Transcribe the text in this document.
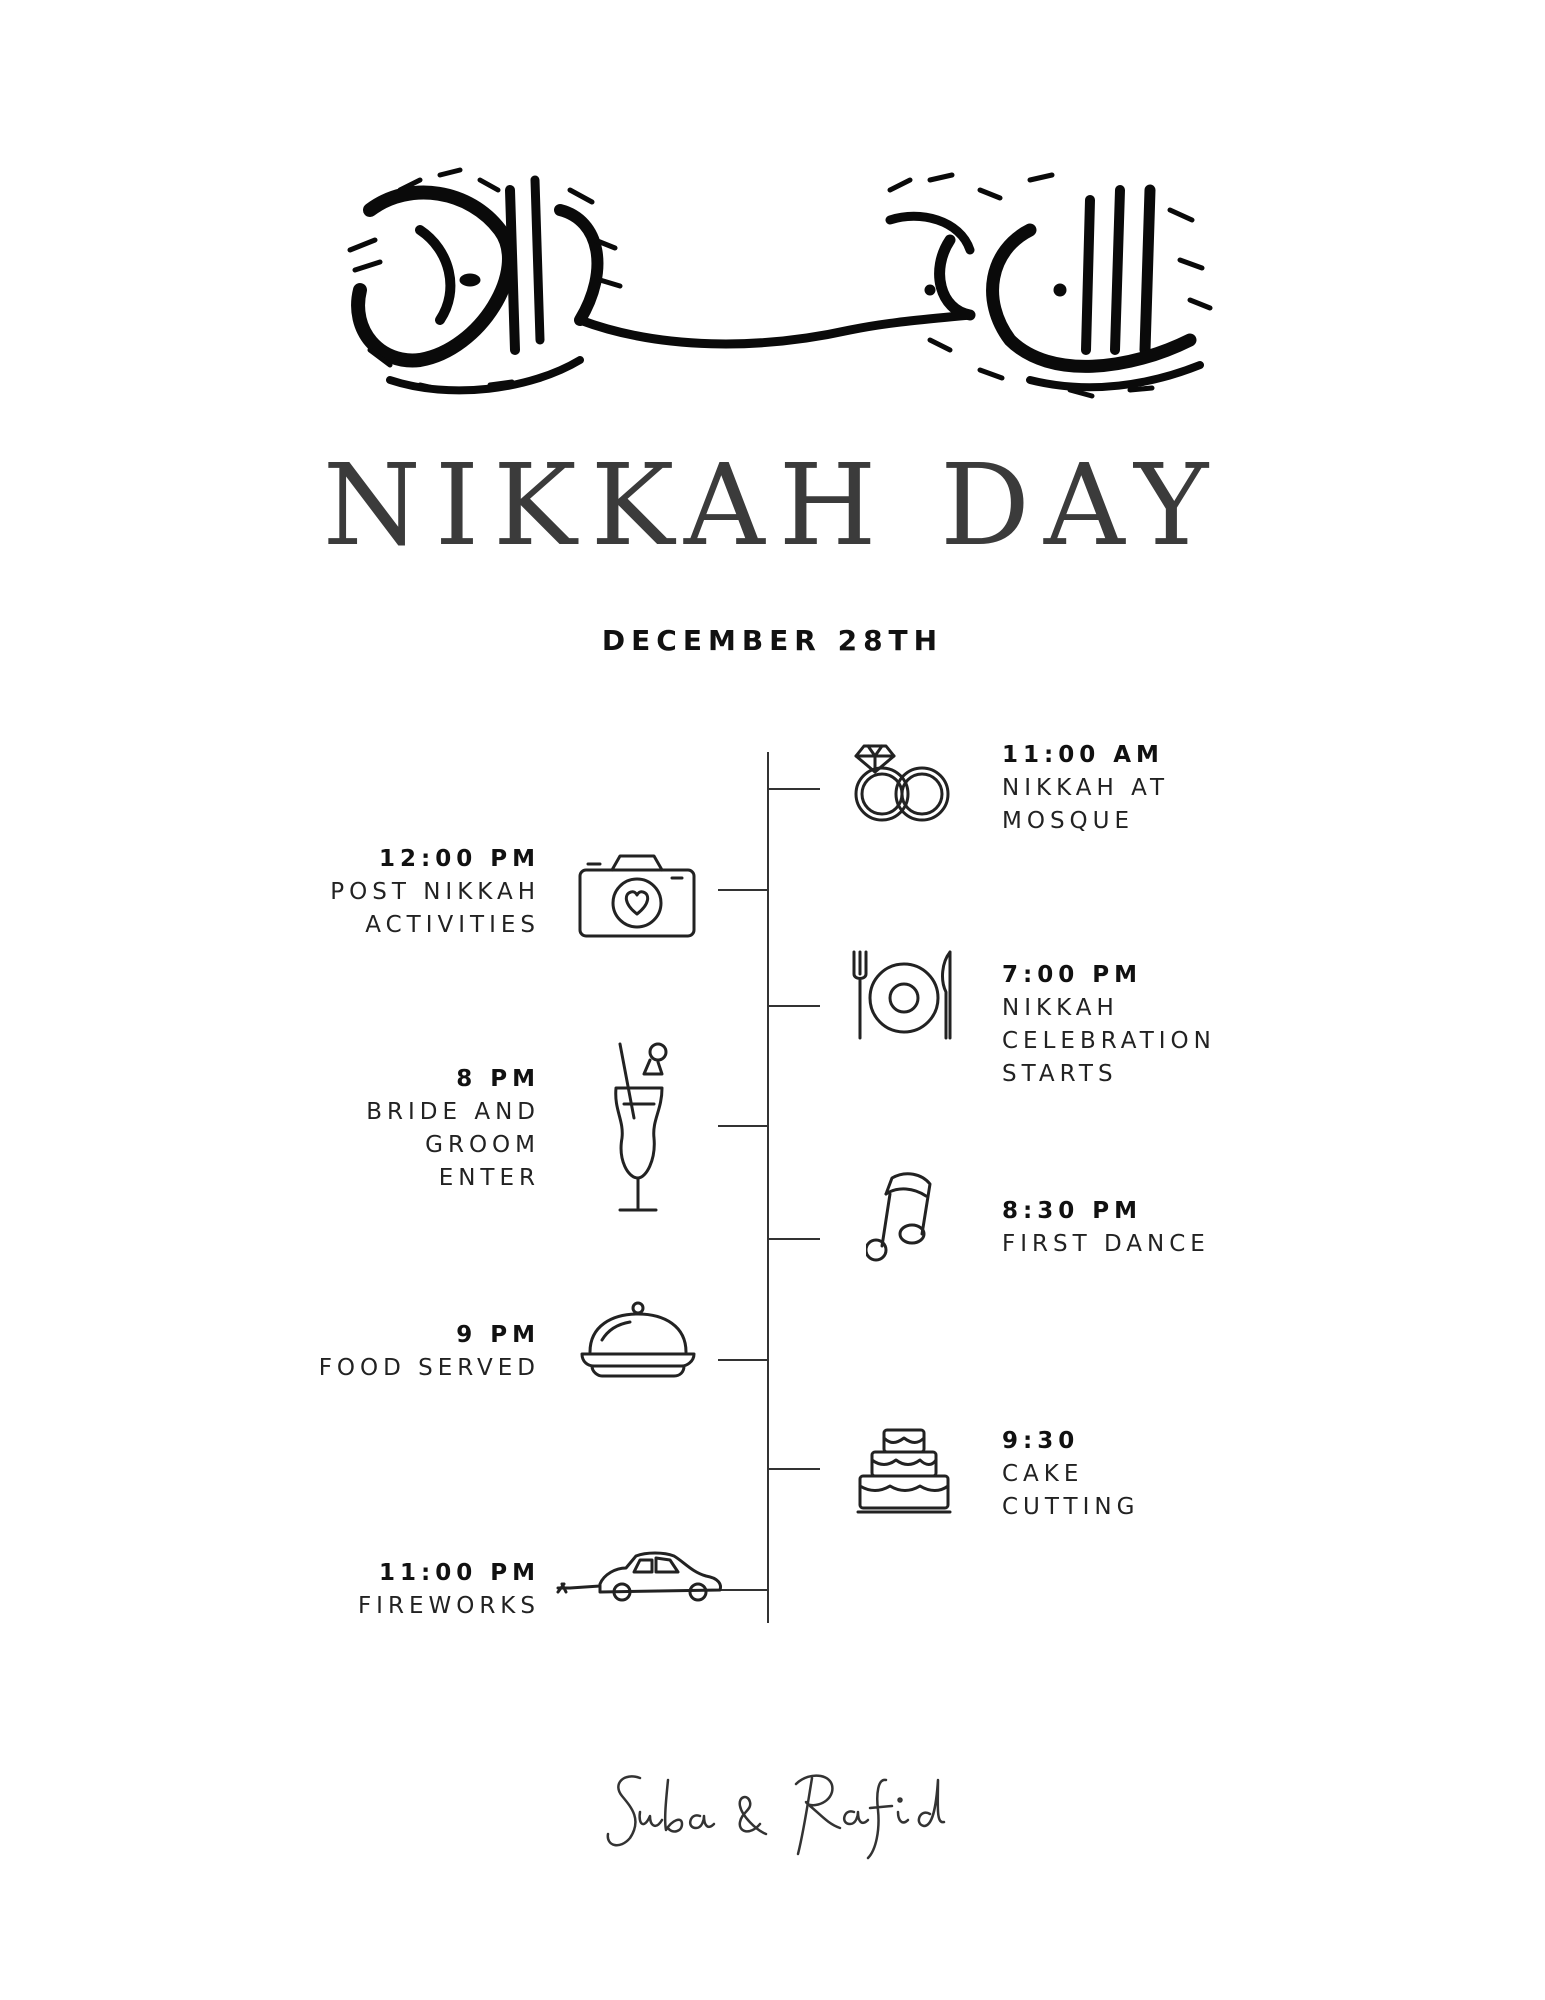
NIKKAH DAY
DECEMBER 28TH
11:00 AM
NIKKAH AT
MOSQUE
12:00 PM
POST NIKKAH
ACTIVITIES
7:00 PM
NIKKAH
CELEBRATION
STARTS
8 PM
BRIDE AND
GROOM
ENTER
8:30 PM
FIRST DANCE
9 PM
FOOD SERVED
9:30
CAKE
CUTTING
11:00 PM
FIREWORKS
